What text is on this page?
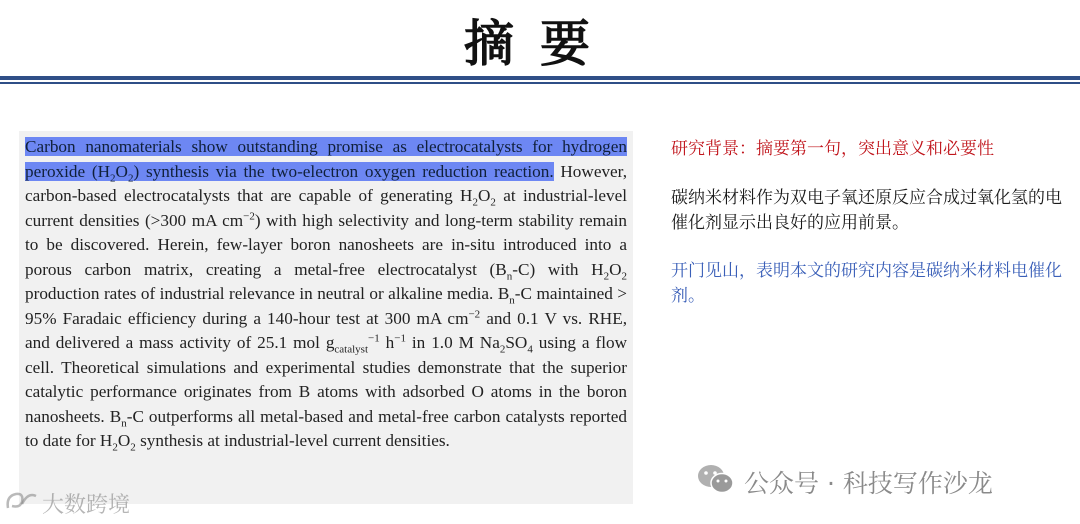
摘要

Carbon nanomaterials show outstanding promise as electrocatalysts for hydrogen peroxide $(H_2O_2)$ synthesis via the two-electron oxygen reduction reaction. However, carbon-based electrocatalysts that are capable of generating $H_2O_2$ at industrial-level current densities (>300 mA $cm^{-2}$) with high selectivity and long-term stability remain to be discovered. Herein, few-layer boron nanosheets are in-situ introduced into a porous carbon matrix, creating a metal-free electrocatalyst $(B_n-C)$ with $H_2O_2$ production rates of industrial relevance in neutral or alkaline media. $B_n-C$ maintained > 95% Faradaic efficiency during a 140-hour test at 300 mA $cm^{-2}$ and 0.1 V vs. RHE, and delivered a mass activity of 25.1 mol $g_{catalyst}^{-1}$ $h^{-1}$ in 1.0 M $Na_2SO_4$ using a flow cell. Theoretical simulations and experimental studies demonstrate that the superior catalytic performance originates from B atoms with adsorbed O atoms in the boron nanosheets. $B_n-C$ outperforms all metal-based and metal-free carbon catalysts reported to date for $H_2O_2$ synthesis at industrial-level current densities.

研究背景：摘要第一句，突出意义和必要性
碳纳米材料作为双电子氧还原反应合成过氧化氢的电催化剂显示出良好的应用前景。
开门见山，表明本文的研究内容是碳纳米材料电催化剂。
公众号 · 科技写作沙龙
大数跨境
